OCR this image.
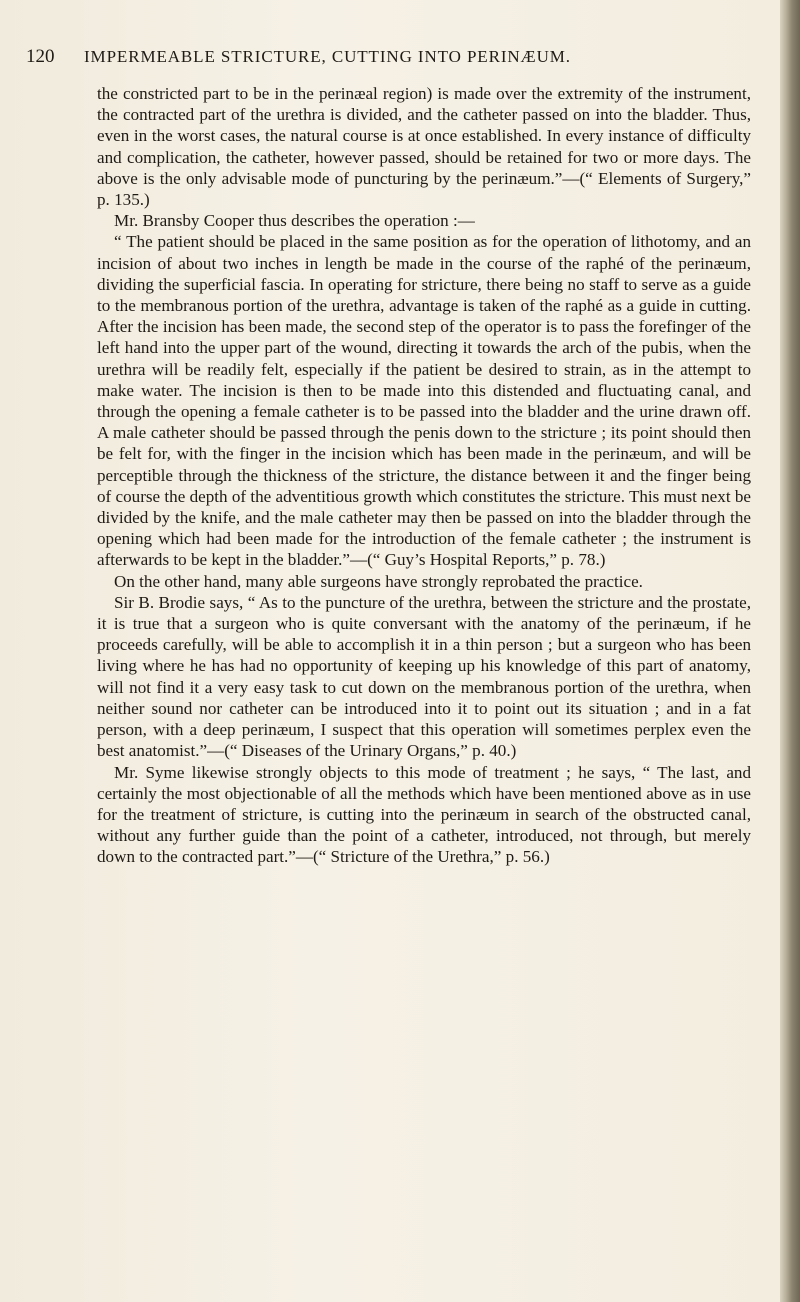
120 IMPERMEABLE STRICTURE, CUTTING INTO PERINÆUM.

the constricted part to be in the perinæal region) is made over the extremity of the instrument, the contracted part of the urethra is divided, and the catheter passed on into the bladder. Thus, even in the worst cases, the natural course is at once established. In every instance of difficulty and complication, the catheter, however passed, should be retained for two or more days. The above is the only advisable mode of puncturing by the perinæum.”—(“ Elements of Surgery,” p. 135.)

Mr. Bransby Cooper thus describes the operation :—

“ The patient should be placed in the same position as for the operation of lithotomy, and an incision of about two inches in length be made in the course of the raphé of the perinæum, dividing the superficial fascia. In operating for stricture, there being no staff to serve as a guide to the membranous portion of the urethra, advantage is taken of the raphé as a guide in cutting. After the incision has been made, the second step of the operator is to pass the forefinger of the left hand into the upper part of the wound, directing it towards the arch of the pubis, when the urethra will be readily felt, especially if the patient be desired to strain, as in the attempt to make water. The incision is then to be made into this distended and fluctuating canal, and through the opening a female catheter is to be passed into the bladder and the urine drawn off. A male catheter should be passed through the penis down to the stricture ; its point should then be felt for, with the finger in the incision which has been made in the perinæum, and will be perceptible through the thickness of the stricture, the distance between it and the finger being of course the depth of the adventitious growth which constitutes the stricture. This must next be divided by the knife, and the male catheter may then be passed on into the bladder through the opening which had been made for the introduction of the female catheter ; the instrument is afterwards to be kept in the bladder.”—(“ Guy’s Hospital Reports,” p. 78.)

On the other hand, many able surgeons have strongly reprobated the practice.

Sir B. Brodie says, “ As to the puncture of the urethra, between the stricture and the prostate, it is true that a surgeon who is quite conversant with the anatomy of the perinæum, if he proceeds carefully, will be able to accomplish it in a thin person ; but a surgeon who has been living where he has had no opportunity of keeping up his knowledge of this part of anatomy, will not find it a very easy task to cut down on the membranous portion of the urethra, when neither sound nor catheter can be introduced into it to point out its situation ; and in a fat person, with a deep perinæum, I suspect that this operation will sometimes perplex even the best anatomist.”—(“ Diseases of the Urinary Organs,” p. 40.)

Mr. Syme likewise strongly objects to this mode of treatment ; he says, “ The last, and certainly the most objectionable of all the methods which have been mentioned above as in use for the treatment of stricture, is cutting into the perinæum in search of the obstructed canal, without any further guide than the point of a catheter, introduced, not through, but merely down to the contracted part.”—(“ Stricture of the Urethra,” p. 56.)
